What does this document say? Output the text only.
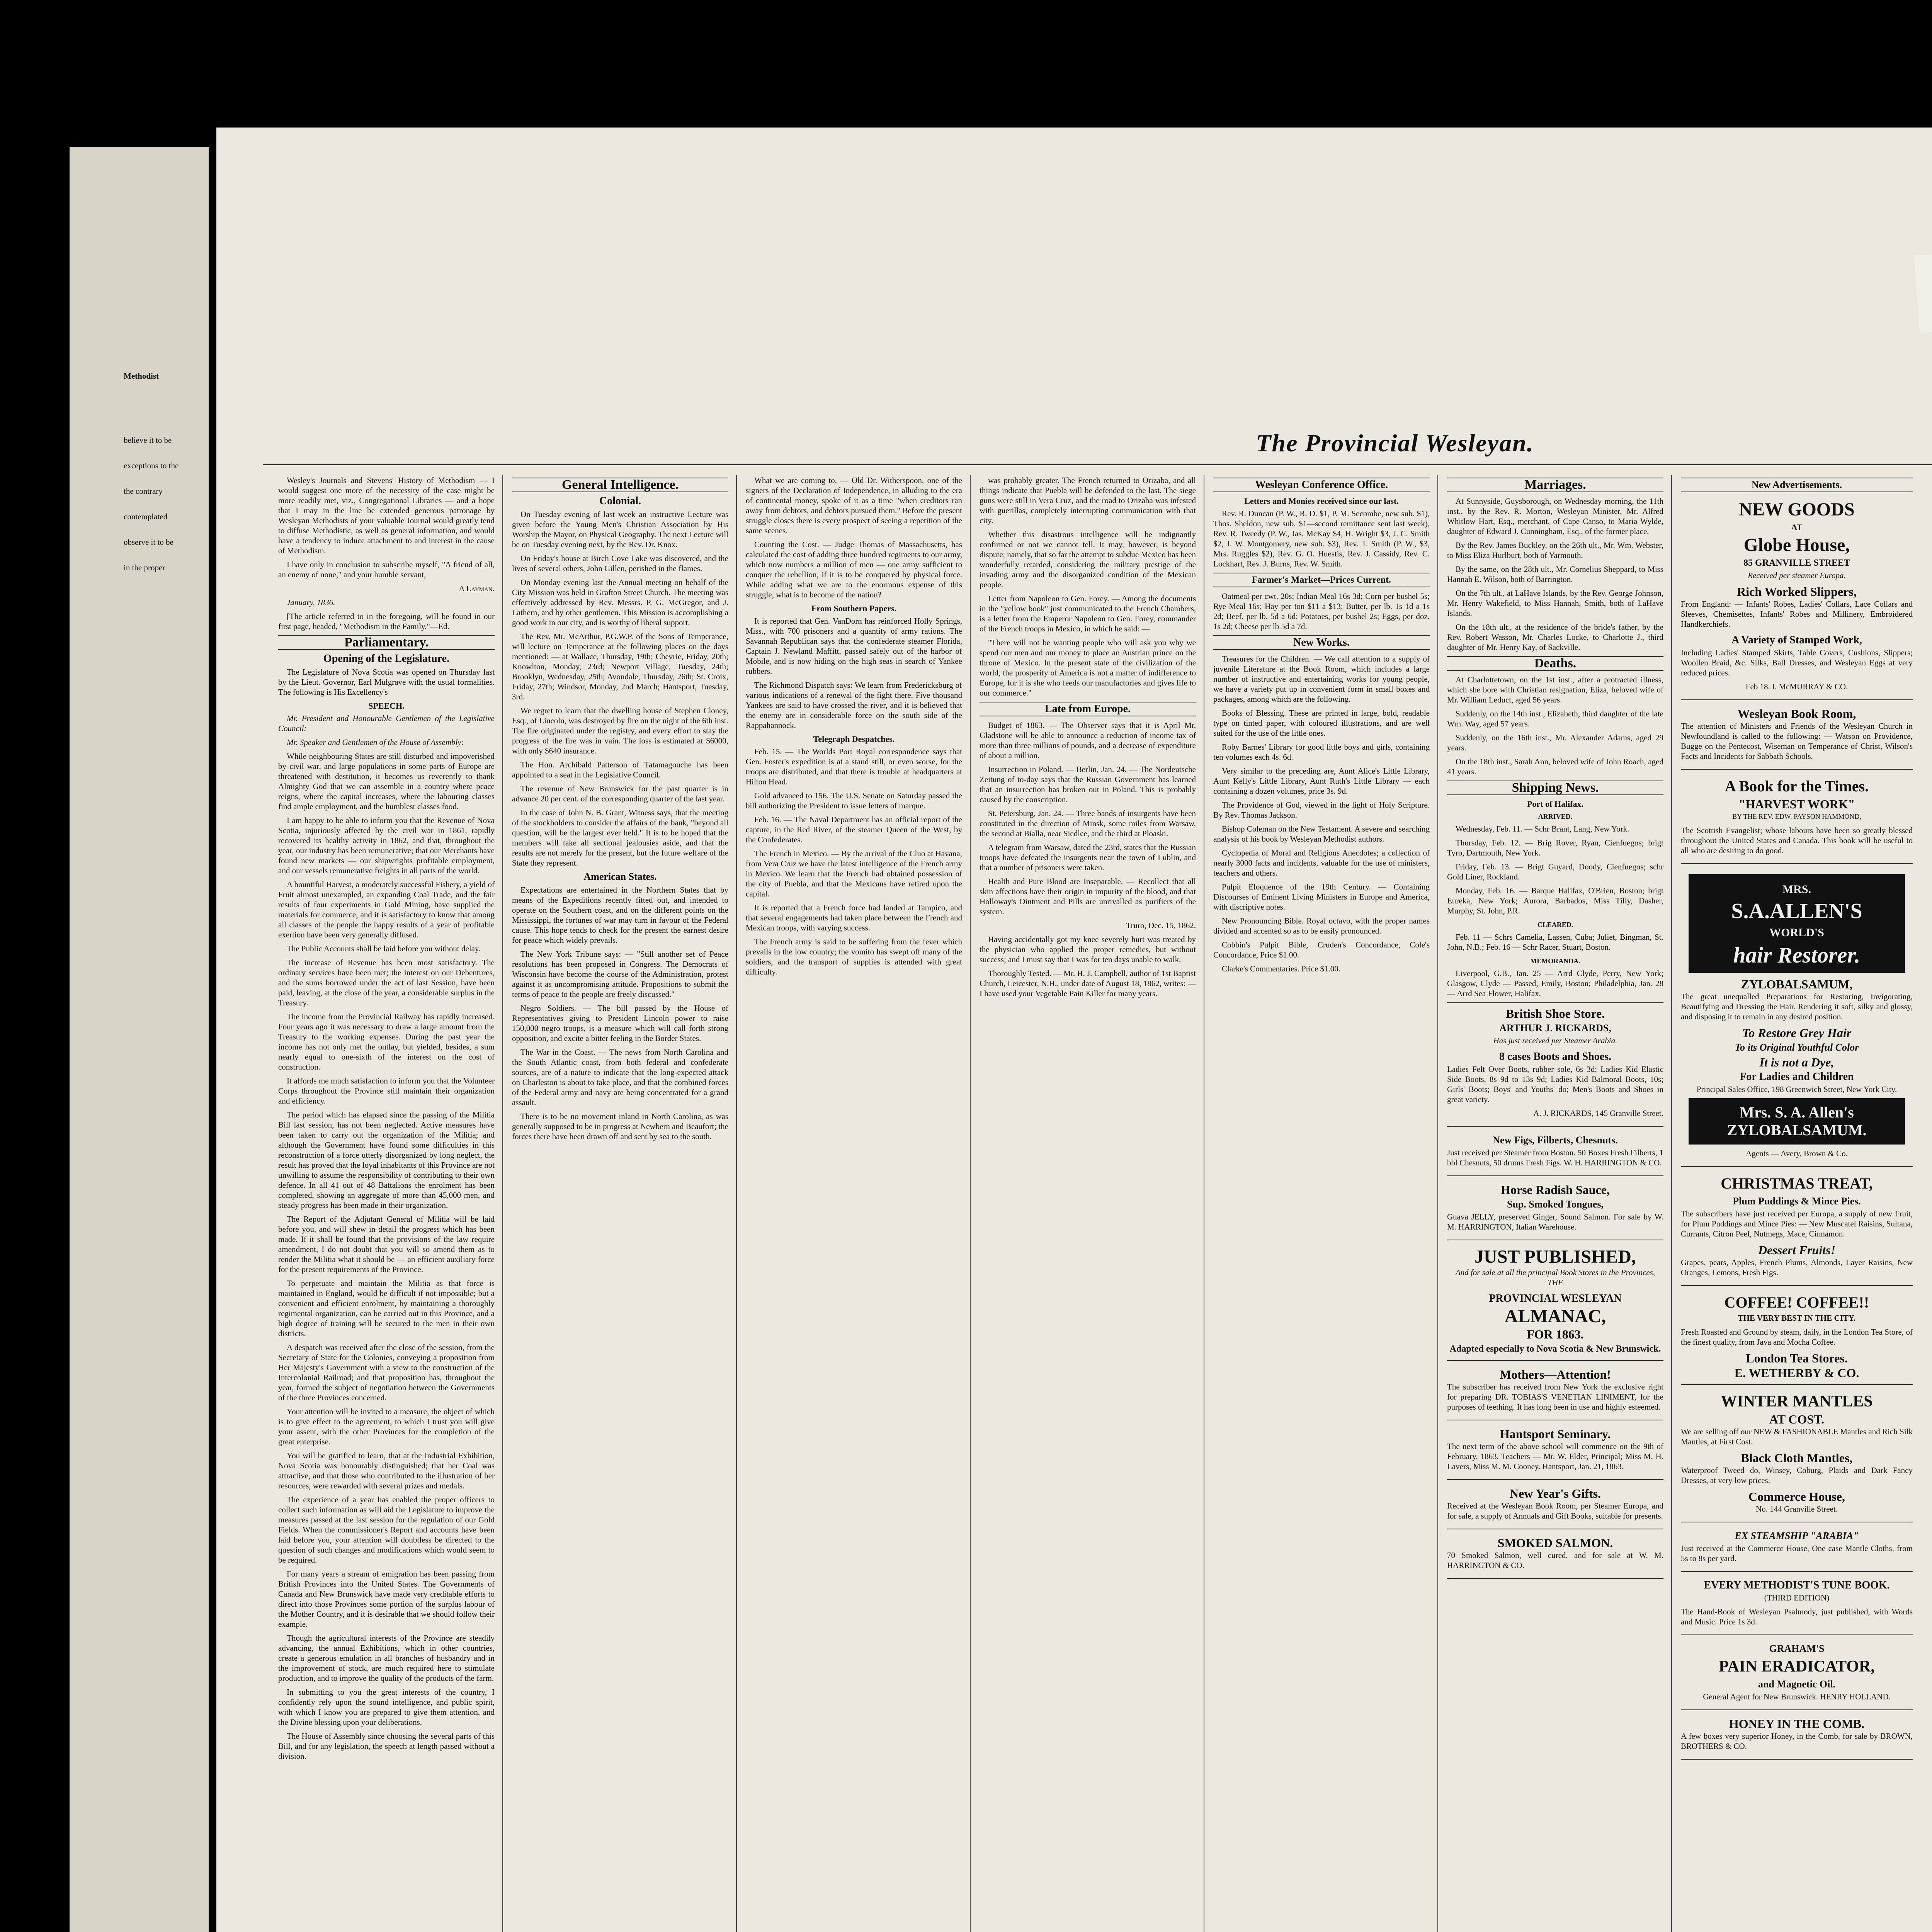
Methodist
believe it to be
exceptions to the
the contrary
contemplated
observe it to be
in the proper
The Provincial Wesleyan.

Wesley's Journals and Stevens' History of Methodism — I would suggest one more of the necessity of the case might be more readily met, viz., Congregational Libraries — and a hope that I may in the line be extended generous patronage by Wesleyan Methodists of your valuable Journal would greatly tend to diffuse Methodistic, as well as general information, and would have a tendency to induce attachment to and interest in the cause of Methodism.

I have only in conclusion to subscribe myself, "A friend of all, an enemy of none," and your humble servant,

A Layman.

January, 1836.

[The article referred to in the foregoing, will be found in our first page, headed, "Methodism in the Family."—Ed.

Parliamentary.
Opening of the Legislature.

The Legislature of Nova Scotia was opened on Thursday last by the Lieut. Governor, Earl Mulgrave with the usual formalities. The following is His Excellency's

SPEECH.

Mr. President and Honourable Gentlemen of the Legislative Council:

Mr. Speaker and Gentlemen of the House of Assembly:

While neighbouring States are still disturbed and impoverished by civil war, and large populations in some parts of Europe are threatened with destitution, it becomes us reverently to thank Almighty God that we can assemble in a country where peace reigns, where the capital increases, where the labouring classes find ample employment, and the humblest classes food.

I am happy to be able to inform you that the Revenue of Nova Scotia, injuriously affected by the civil war in 1861, rapidly recovered its healthy activity in 1862, and that, throughout the year, our industry has been remunerative; that our Merchants have found new markets — our shipwrights profitable employment, and our vessels remunerative freights in all parts of the world.

A bountiful Harvest, a moderately successful Fishery, a yield of Fruit almost unexampled, an expanding Coal Trade, and the fair results of four experiments in Gold Mining, have supplied the materials for commerce, and it is satisfactory to know that among all classes of the people the happy results of a year of profitable exertion have been very generally diffused.

The Public Accounts shall be laid before you without delay.

The increase of Revenue has been most satisfactory. The ordinary services have been met; the interest on our Debentures, and the sums borrowed under the act of last Session, have been paid, leaving, at the close of the year, a considerable surplus in the Treasury.

The income from the Provincial Railway has rapidly increased. Four years ago it was necessary to draw a large amount from the Treasury to the working expenses. During the past year the income has not only met the outlay, but yielded, besides, a sum nearly equal to one-sixth of the interest on the cost of construction.

It affords me much satisfaction to inform you that the Volunteer Corps throughout the Province still maintain their organization and efficiency.

The period which has elapsed since the passing of the Militia Bill last session, has not been neglected. Active measures have been taken to carry out the organization of the Militia; and although the Government have found some difficulties in this reconstruction of a force utterly disorganized by long neglect, the result has proved that the loyal inhabitants of this Province are not unwilling to assume the responsibility of contributing to their own defence. In all 41 out of 48 Battalions the enrolment has been completed, showing an aggregate of more than 45,000 men, and steady progress has been made in their organization.

The Report of the Adjutant General of Militia will be laid before you, and will shew in detail the progress which has been made. If it shall be found that the provisions of the law require amendment, I do not doubt that you will so amend them as to render the Militia what it should be — an efficient auxiliary force for the present requirements of the Province.

To perpetuate and maintain the Militia as that force is maintained in England, would be difficult if not impossible; but a convenient and efficient enrolment, by maintaining a thoroughly regimental organization, can be carried out in this Province, and a high degree of training will be secured to the men in their own districts.

A despatch was received after the close of the session, from the Secretary of State for the Colonies, conveying a proposition from Her Majesty's Government with a view to the construction of the Intercolonial Railroad; and that proposition has, throughout the year, formed the subject of negotiation between the Governments of the three Provinces concerned.

Your attention will be invited to a measure, the object of which is to give effect to the agreement, to which I trust you will give your assent, with the other Provinces for the completion of the great enterprise.

You will be gratified to learn, that at the Industrial Exhibition, Nova Scotia was honourably distinguished; that her Coal was attractive, and that those who contributed to the illustration of her resources, were rewarded with several prizes and medals.

The experience of a year has enabled the proper officers to collect such information as will aid the Legislature to improve the measures passed at the last session for the regulation of our Gold Fields. When the commissioner's Report and accounts have been laid before you, your attention will doubtless be directed to the question of such changes and modifications which would seem to be required.

For many years a stream of emigration has been passing from British Provinces into the United States. The Governments of Canada and New Brunswick have made very creditable efforts to direct into those Provinces some portion of the surplus labour of the Mother Country, and it is desirable that we should follow their example.

Though the agricultural interests of the Province are steadily advancing, the annual Exhibitions, which in other countries, create a generous emulation in all branches of husbandry and in the improvement of stock, are much required here to stimulate production, and to improve the quality of the products of the farm.

In submitting to you the great interests of the country, I confidently rely upon the sound intelligence, and public spirit, with which I know you are prepared to give them attention, and the Divine blessing upon your deliberations.

The House of Assembly since choosing the several parts of this Bill, and for any legislation, the speech at length passed without a division.

General Intelligence.
Colonial.

On Tuesday evening of last week an instructive Lecture was given before the Young Men's Christian Association by His Worship the Mayor, on Physical Geography. The next Lecture will be on Tuesday evening next, by the Rev. Dr. Knox.

On Friday's house at Birch Cove Lake was discovered, and the lives of several others, John Gillen, perished in the flames.

On Monday evening last the Annual meeting on behalf of the City Mission was held in Grafton Street Church. The meeting was effectively addressed by Rev. Messrs. P. G. McGregor, and J. Lathern, and by other gentlemen. This Mission is accomplishing a good work in our city, and is worthy of liberal support.

The Rev. Mr. McArthur, P.G.W.P. of the Sons of Temperance, will lecture on Temperance at the following places on the days mentioned: — at Wallace, Thursday, 19th; Chevrie, Friday, 20th; Knowlton, Monday, 23rd; Newport Village, Tuesday, 24th; Brooklyn, Wednesday, 25th; Avondale, Thursday, 26th; St. Croix, Friday, 27th; Windsor, Monday, 2nd March; Hantsport, Tuesday, 3rd.

We regret to learn that the dwelling house of Stephen Cloney, Esq., of Lincoln, was destroyed by fire on the night of the 6th inst. The fire originated under the registry, and every effort to stay the progress of the fire was in vain. The loss is estimated at $6000, with only $640 insurance.

The Hon. Archibald Patterson of Tatamagouche has been appointed to a seat in the Legislative Council.

The revenue of New Brunswick for the past quarter is in advance 20 per cent. of the corresponding quarter of the last year.

In the case of John N. B. Grant, Witness says, that the meeting of the stockholders to consider the affairs of the bank, "beyond all question, will be the largest ever held." It is to be hoped that the members will take all sectional jealousies aside, and that the results are not merely for the present, but the future welfare of the State they represent.

American States.

Expectations are entertained in the Northern States that by means of the Expeditions recently fitted out, and intended to operate on the Southern coast, and on the different points on the Mississippi, the fortunes of war may turn in favour of the Federal cause. This hope tends to check for the present the earnest desire for peace which widely prevails.

The New York Tribune says: — "Still another set of Peace resolutions has been proposed in Congress. The Democrats of Wisconsin have become the course of the Administration, protest against it as uncompromising attitude. Propositions to submit the terms of peace to the people are freely discussed."

Negro Soldiers. — The bill passed by the House of Representatives giving to President Lincoln power to raise 150,000 negro troops, is a measure which will call forth strong opposition, and excite a bitter feeling in the Border States.

The War in the Coast. — The news from North Carolina and the South Atlantic coast, from both federal and confederate sources, are of a nature to indicate that the long-expected attack on Charleston is about to take place, and that the combined forces of the Federal army and navy are being concentrated for a grand assault.

There is to be no movement inland in North Carolina, as was generally supposed to be in progress at Newbern and Beaufort; the forces there have been drawn off and sent by sea to the south.

What we are coming to. — Old Dr. Witherspoon, one of the signers of the Declaration of Independence, in alluding to the era of continental money, spoke of it as a time "when creditors ran away from debtors, and debtors pursued them." Before the present struggle closes there is every prospect of seeing a repetition of the same scenes.

Counting the Cost. — Judge Thomas of Massachusetts, has calculated the cost of adding three hundred regiments to our army, which now numbers a million of men — one army sufficient to conquer the rebellion, if it is to be conquered by physical force. While adding what we are to the enormous expense of this struggle, what is to become of the nation?

From Southern Papers.

It is reported that Gen. VanDorn has reinforced Holly Springs, Miss., with 700 prisoners and a quantity of army rations. The Savannah Republican says that the confederate steamer Florida, Captain J. Newland Maffitt, passed safely out of the harbor of Mobile, and is now hiding on the high seas in search of Yankee rubbers.

The Richmond Dispatch says: We learn from Fredericksburg of various indications of a renewal of the fight there. Five thousand Yankees are said to have crossed the river, and it is believed that the enemy are in considerable force on the south side of the Rappahannock.

Telegraph Despatches.

Feb. 15. — The Worlds Port Royal correspondence says that Gen. Foster's expedition is at a stand still, or even worse, for the troops are distributed, and that there is trouble at headquarters at Hilton Head.

Gold advanced to 156. The U.S. Senate on Saturday passed the bill authorizing the President to issue letters of marque.

Feb. 16. — The Naval Department has an official report of the capture, in the Red River, of the steamer Queen of the West, by the Confederates.

The French in Mexico. — By the arrival of the Cluo at Havana, from Vera Cruz we have the latest intelligence of the French army in Mexico. We learn that the French had obtained possession of the city of Puebla, and that the Mexicans have retired upon the capital.

It is reported that a French force had landed at Tampico, and that several engagements had taken place between the French and Mexican troops, with varying success.

The French army is said to be suffering from the fever which prevails in the low country; the vomito has swept off many of the soldiers, and the transport of supplies is attended with great difficulty.

was probably greater. The French returned to Orizaba, and all things indicate that Puebla will be defended to the last. The siege guns were still in Vera Cruz, and the road to Orizaba was infested with guerillas, completely interrupting communication with that city.

Whether this disastrous intelligence will be indignantly confirmed or not we cannot tell. It may, however, is beyond dispute, namely, that so far the attempt to subdue Mexico has been wonderfully retarded, considering the military prestige of the invading army and the disorganized condition of the Mexican people.

Letter from Napoleon to Gen. Forey. — Among the documents in the "yellow book" just communicated to the French Chambers, is a letter from the Emperor Napoleon to Gen. Forey, commander of the French troops in Mexico, in which he said: —

"There will not be wanting people who will ask you why we spend our men and our money to place an Austrian prince on the throne of Mexico. In the present state of the civilization of the world, the prosperity of America is not a matter of indifference to Europe, for it is she who feeds our manufactories and gives life to our commerce."

Late from Europe.

Budget of 1863. — The Observer says that it is April Mr. Gladstone will be able to announce a reduction of income tax of more than three millions of pounds, and a decrease of expenditure of about a million.

Insurrection in Poland. — Berlin, Jan. 24. — The Nordeutsche Zeitung of to-day says that the Russian Government has learned that an insurrection has broken out in Poland. This is probably caused by the conscription.

St. Petersburg, Jan. 24. — Three bands of insurgents have been constituted in the direction of Minsk, some miles from Warsaw, the second at Bialla, near Siedlce, and the third at Ploaski.

A telegram from Warsaw, dated the 23rd, states that the Russian troops have defeated the insurgents near the town of Lublin, and that a number of prisoners were taken.

Health and Pure Blood are Inseparable. — Recollect that all skin affections have their origin in impurity of the blood, and that Holloway's Ointment and Pills are unrivalled as purifiers of the system.

Truro, Dec. 15, 1862.

Having accidentally got my knee severely hurt was treated by the physician who applied the proper remedies, but without success; and I must say that I was for ten days unable to walk.

Thoroughly Tested. — Mr. H. J. Campbell, author of 1st Baptist Church, Leicester, N.H., under date of August 18, 1862, writes: — I have used your Vegetable Pain Killer for many years.

Wesleyan Conference Office.
Letters and Monies received since our last.

Rev. R. Duncan (P. W., R. D. $1, P. M. Secombe, new sub. $1), Thos. Sheldon, new sub. $1—second remittance sent last week), Rev. R. Tweedy (P. W., Jas. McKay $4, H. Wright $3, J. C. Smith $2, J. W. Montgomery, new sub. $3), Rev. T. Smith (P. W., $3, Mrs. Ruggles $2), Rev. G. O. Huestis, Rev. J. Cassidy, Rev. C. Lockhart, Rev. J. Burns, Rev. W. Smith.

Farmer's Market—Prices Current.

Oatmeal per cwt. 20s; Indian Meal 16s 3d; Corn per bushel 5s; Rye Meal 16s; Hay per ton $11 a $13; Butter, per lb. 1s 1d a 1s 2d; Beef, per lb. 5d a 6d; Potatoes, per bushel 2s; Eggs, per doz. 1s 2d; Cheese per lb 5d a 7d.

New Works.

Treasures for the Children. — We call attention to a supply of juvenile Literature at the Book Room, which includes a large number of instructive and entertaining works for young people, we have a variety put up in convenient form in small boxes and packages, among which are the following.

Books of Blessing. These are printed in large, bold, readable type on tinted paper, with coloured illustrations, and are well suited for the use of the little ones.

Roby Barnes' Library for good little boys and girls, containing ten volumes each 4s. 6d.

Very similar to the preceding are, Aunt Alice's Little Library, Aunt Kelly's Little Library, Aunt Ruth's Little Library — each containing a dozen volumes, price 3s. 9d.

The Providence of God, viewed in the light of Holy Scripture. By Rev. Thomas Jackson.

Bishop Coleman on the New Testament. A severe and searching analysis of his book by Wesleyan Methodist authors.

Cyclopedia of Moral and Religious Anecdotes; a collection of nearly 3000 facts and incidents, valuable for the use of ministers, teachers and others.

Pulpit Eloquence of the 19th Century. — Containing Discourses of Eminent Living Ministers in Europe and America, with discriptive notes.

New Pronouncing Bible. Royal octavo, with the proper names divided and accented so as to be easily pronounced.

Cobbin's Pulpit Bible, Cruden's Concordance, Cole's Concordance, Price $1.00.

Clarke's Commentaries. Price $1.00.

Marriages.

At Sunnyside, Guysborough, on Wednesday morning, the 11th inst., by the Rev. R. Morton, Wesleyan Minister, Mr. Alfred Whitlow Hart, Esq., merchant, of Cape Canso, to Maria Wylde, daughter of Edward J. Cunningham, Esq., of the former place.

By the Rev. James Buckley, on the 26th ult., Mr. Wm. Webster, to Miss Eliza Hurlburt, both of Yarmouth.

By the same, on the 28th ult., Mr. Cornelius Sheppard, to Miss Hannah E. Wilson, both of Barrington.

On the 7th ult., at LaHave Islands, by the Rev. George Johnson, Mr. Henry Wakefield, to Miss Hannah, Smith, both of LaHave Islands.

On the 18th ult., at the residence of the bride's father, by the Rev. Robert Wasson, Mr. Charles Locke, to Charlotte J., third daughter of Mr. Henry Kay, of Sackville.

Deaths.

At Charlottetown, on the 1st inst., after a protracted illness, which she bore with Christian resignation, Eliza, beloved wife of Mr. William Leduct, aged 56 years.

Suddenly, on the 14th inst., Elizabeth, third daughter of the late Wm. Way, aged 57 years.

Suddenly, on the 16th inst., Mr. Alexander Adams, aged 29 years.

On the 18th inst., Sarah Ann, beloved wife of John Roach, aged 41 years.

Shipping News.
Port of Halifax.
ARRIVED.

Wednesday, Feb. 11. — Schr Brant, Lang, New York.

Thursday, Feb. 12. — Brig Rover, Ryan, Cienfuegos; brigt Tyro, Dartmouth, New York.

Friday, Feb. 13. — Brigt Guyard, Doody, Cienfuegos; schr Gold Liner, Rockland.

Monday, Feb. 16. — Barque Halifax, O'Brien, Boston; brigt Eureka, New York; Aurora, Barbados, Miss Tilly, Dasher, Murphy, St. John, P.R.

CLEARED.

Feb. 11 — Schrs Camelia, Lassen, Cuba; Juliet, Bingman, St. John, N.B.; Feb. 16 — Schr Racer, Stuart, Boston.

MEMORANDA.

Liverpool, G.B., Jan. 25 — Arrd Clyde, Perry, New York; Glasgow, Clyde — Passed, Emily, Boston; Philadelphia, Jan. 28 — Arrd Sea Flower, Halifax.

British Shoe Store.
ARTHUR J. RICKARDS,

Has just received per Steamer Arabia.

8 cases Boots and Shoes.

Ladies Felt Over Boots, rubber sole, 6s 3d; Ladies Kid Elastic Side Boots, 8s 9d to 13s 9d; Ladies Kid Balmoral Boots, 10s; Girls' Boots; Boys' and Youths' do; Men's Boots and Shoes in great variety.

A. J. RICKARDS, 145 Granville Street.

New Figs, Filberts, Chesnuts.

Just received per Steamer from Boston. 50 Boxes Fresh Filberts, 1 bbl Chesnuts, 50 drums Fresh Figs. W. H. HARRINGTON & CO.

Horse Radish Sauce,
Sup. Smoked Tongues,

Guava JELLY, preserved Ginger, Sound Salmon. For sale by W. M. HARRINGTON, Italian Warehouse.

JUST PUBLISHED,

And for sale at all the principal Book Stores in the Provinces, THE

PROVINCIAL WESLEYAN
ALMANAC,
FOR 1863.
Adapted especially to Nova Scotia & New Brunswick.
Mothers—Attention!

The subscriber has received from New York the exclusive right for preparing DR. TOBIAS'S VENETIAN LINIMENT, for the purposes of teething. It has long been in use and highly esteemed.

Hantsport Seminary.

The next term of the above school will commence on the 9th of February, 1863. Teachers — Mr. W. Elder, Principal; Miss M. H. Lavers, Miss M. M. Cooney. Hantsport, Jan. 21, 1863.

New Year's Gifts.

Received at the Wesleyan Book Room, per Steamer Europa, and for sale, a supply of Annuals and Gift Books, suitable for presents.

SMOKED SALMON.

70 Smoked Salmon, well cured, and for sale at W. M. HARRINGTON & CO.

New Advertisements.
NEW GOODS
AT
Globe House,
85 GRANVILLE STREET

Received per steamer Europa,

Rich Worked Slippers,

From England: — Infants' Robes, Ladies' Collars, Lace Collars and Sleeves, Chemisettes, Infants' Robes and Millinery, Embroidered Handkerchiefs.

A Variety of Stamped Work,

Including Ladies' Stamped Skirts, Table Covers, Cushions, Slippers; Woollen Braid, &c. Silks, Ball Dresses, and Wesleyan Eggs at very reduced prices.

Feb 18. I. McMURRAY & CO.

Wesleyan Book Room,

The attention of Ministers and Friends of the Wesleyan Church in Newfoundland is called to the following: — Watson on Providence, Bugge on the Pentecost, Wiseman on Temperance of Christ, Wilson's Facts and Incidents for Sabbath Schools.

A Book for the Times.
"HARVEST WORK"

BY THE REV. EDW. PAYSON HAMMOND,

The Scottish Evangelist; whose labours have been so greatly blessed throughout the United States and Canada. This book will be useful to all who are desiring to do good.

MRS.
S.A.ALLEN'S
WORLD'S
hair Restorer.
ZYLOBALSAMUM,

The great unequalled Preparations for Restoring, Invigorating, Beautifying and Dressing the Hair. Rendering it soft, silky and glossy, and disposing it to remain in any desired position.

To Restore Grey Hair
To its Original Youthful Color
It is not a Dye,
For Ladies and Children

Principal Sales Office, 198 Greenwich Street, New York City.

Mrs. S. A. Allen's
ZYLOBALSAMUM.

Agents — Avery, Brown & Co.

CHRISTMAS TREAT,
Plum Puddings & Mince Pies.

The subscribers have just received per Europa, a supply of new Fruit, for Plum Puddings and Mince Pies: — New Muscatel Raisins, Sultana, Currants, Citron Peel, Nutmegs, Mace, Cinnamon.

Dessert Fruits!

Grapes, pears, Apples, French Plums, Almonds, Layer Raisins, New Oranges, Lemons, Fresh Figs.

COFFEE! COFFEE!!

THE VERY BEST IN THE CITY.

Fresh Roasted and Ground by steam, daily, in the London Tea Store, of the finest quality, from Java and Mocha Coffee.

London Tea Stores.
E. WETHERBY & CO.
WINTER MANTLES
AT COST.

We are selling off our NEW & FASHIONABLE Mantles and Rich Silk Mantles, at First Cost.

Black Cloth Mantles,

Waterproof Tweed do, Winsey, Coburg, Plaids and Dark Fancy Dresses, at very low prices.

Commerce House,

No. 144 Granville Street.

EX STEAMSHIP "ARABIA"

Just received at the Commerce House, One case Mantle Cloths, from 5s to 8s per yard.

EVERY METHODIST'S TUNE BOOK.

(THIRD EDITION)

The Hand-Book of Wesleyan Psalmody, just published, with Words and Music. Price 1s 3d.

GRAHAM'S
PAIN ERADICATOR,
and Magnetic Oil.

General Agent for New Brunswick. HENRY HOLLAND.

HONEY IN THE COMB.

A few boxes very superior Honey, in the Comb, for sale by BROWN, BROTHERS & CO.
